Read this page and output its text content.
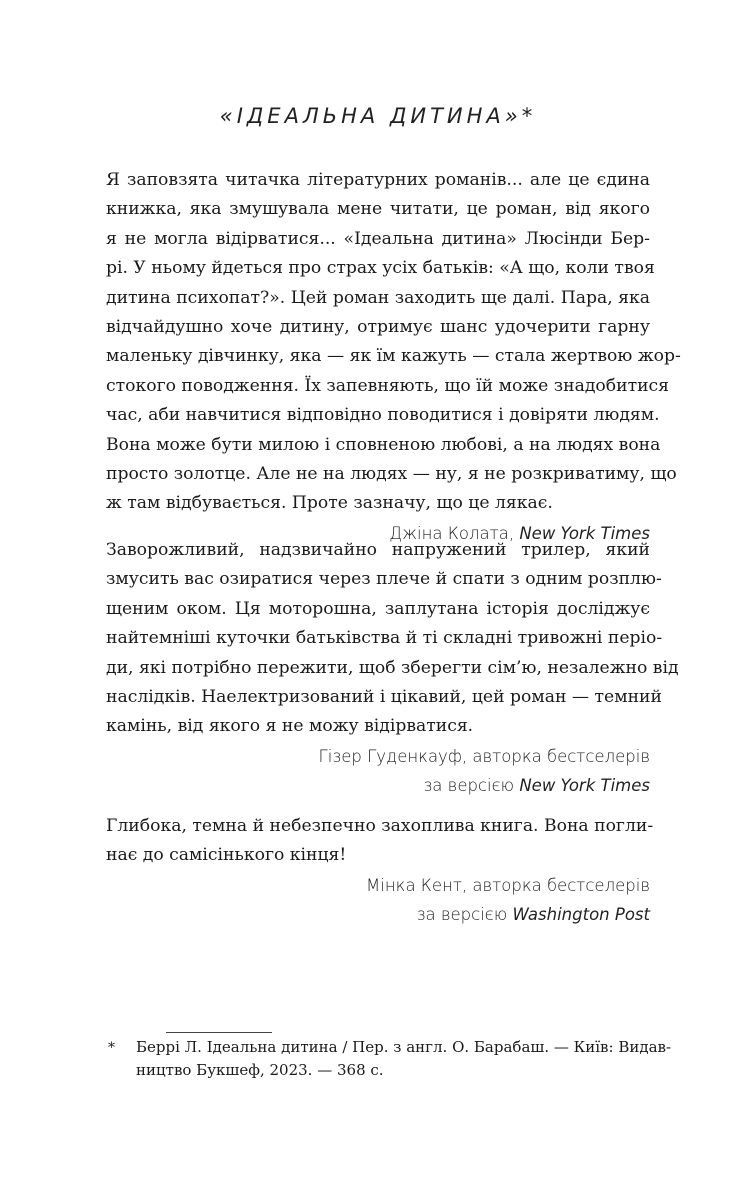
«ІДЕАЛЬНА ДИТИНА»*
Я заповзята читачка літературних романів... але це єдина
книжка, яка змушувала мене читати, це роман, від якого
я не могла відірватися... «Ідеальна дитина» Люсінди Бер-
рі. У ньому йдеться про страх усіх батьків: «А що, коли твоя
дитина психопат?». Цей роман заходить ще далі. Пара, яка
відчайдушно хоче дитину, отримує шанс удочерити гарну
маленьку дівчинку, яка — як їм кажуть — стала жертвою жор-
стокого поводження. Їх запевняють, що їй може знадобитися
час, аби навчитися відповідно поводитися і довіряти людям.
Вона може бути милою і сповненою любові, а на людях вона
просто золотце. Але не на людях — ну, я не розкриватиму, що
ж там відбувається. Проте зазначу, що це лякає.
Джіна Колата, New York Times
Заворожливий, надзвичайно напружений трилер, який
змусить вас озиратися через плече й спати з одним розплю-
щеним оком. Ця моторошна, заплутана історія досліджує
найтемніші куточки батьківства й ті складні тривожні періо-
ди, які потрібно пережити, щоб зберегти сім’ю, незалежно від
наслідків. Наелектризований і цікавий, цей роман — темний
камінь, від якого я не можу відірватися.
Гізер Гуденкауф, авторка бестселерів
за версією New York Times
Глибока, темна й небезпечно захоплива книга. Вона погли-
нає до самісінького кінця!
Мінка Кент, авторка бестселерів
за версією Washington Post
* Беррі Л. Ідеальна дитина / Пер. з англ. О. Барабаш. — Київ: Видав-
ництво Букшеф, 2023. — 368 с.
